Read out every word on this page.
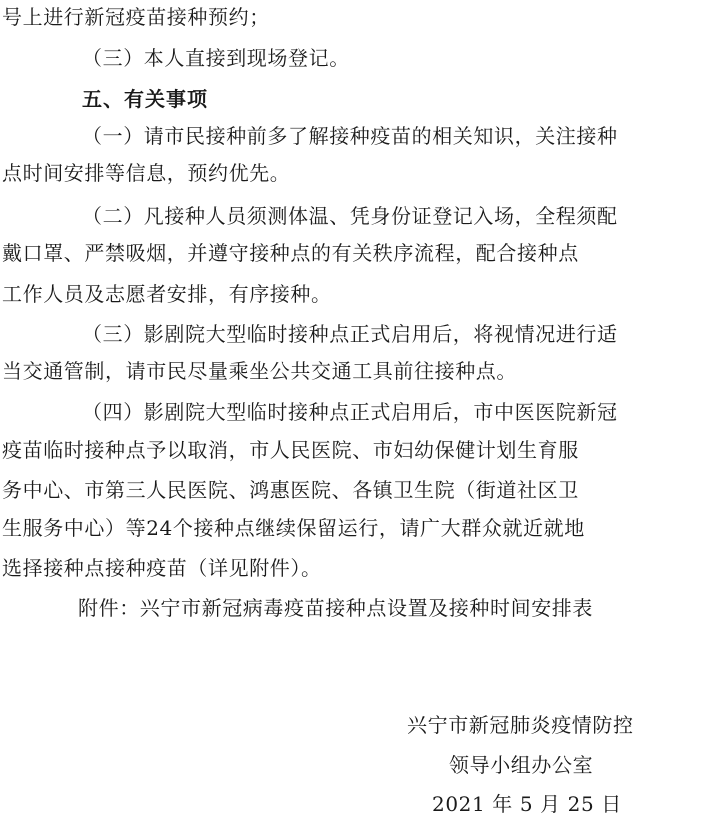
号上进行新冠疫苗接种预约；
（三）本人直接到现场登记。
五、有关事项
（一）请市民接种前多了解接种疫苗的相关知识，关注接种
点时间安排等信息，预约优先。
（二）凡接种人员须测体温、凭身份证登记入场，全程须配
戴口罩、严禁吸烟，并遵守接种点的有关秩序流程，配合接种点
工作人员及志愿者安排，有序接种。
（三）影剧院大型临时接种点正式启用后，将视情况进行适
当交通管制，请市民尽量乘坐公共交通工具前往接种点。
（四）影剧院大型临时接种点正式启用后，市中医医院新冠
疫苗临时接种点予以取消，市人民医院、市妇幼保健计划生育服
务中心、市第三人民医院、鸿惠医院、各镇卫生院（街道社区卫
生服务中心）等24个接种点继续保留运行，请广大群众就近就地
选择接种点接种疫苗（详见附件）。
附件：兴宁市新冠病毒疫苗接种点设置及接种时间安排表
兴宁市新冠肺炎疫情防控
领导小组办公室
2021 年 5 月 25 日
